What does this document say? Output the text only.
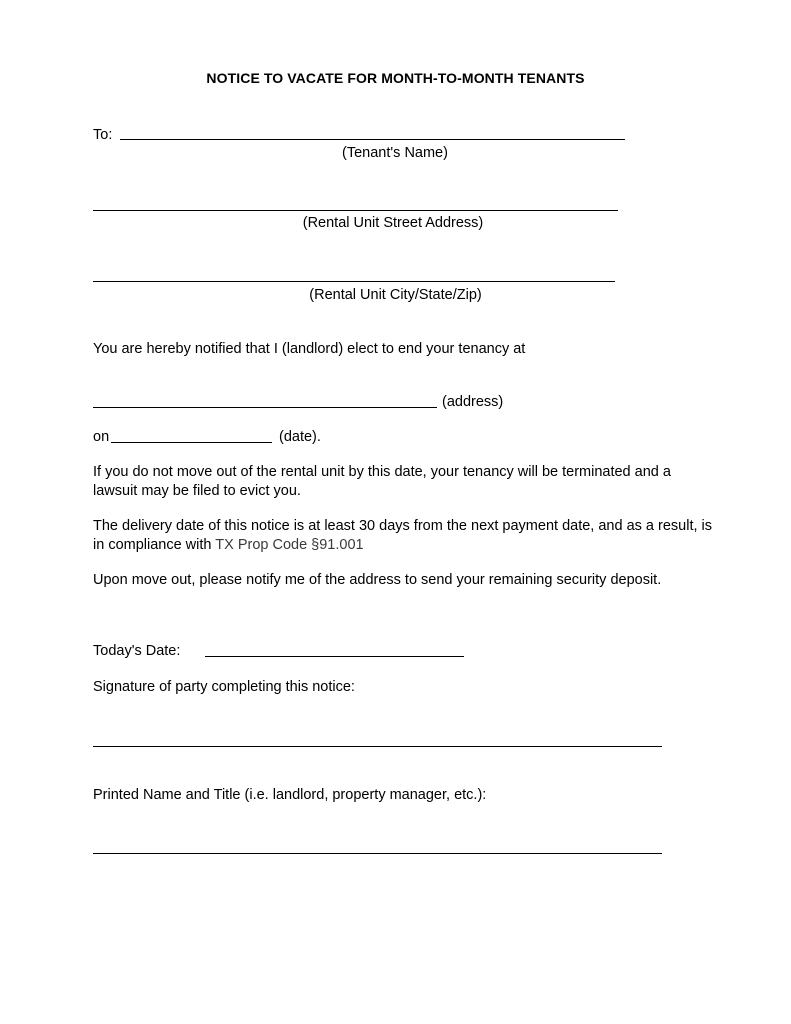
NOTICE TO VACATE FOR MONTH-TO-MONTH TENANTS
To:
(Tenant's Name)
(Rental Unit Street Address)
(Rental Unit City/State/Zip)
You are hereby notified that I (landlord) elect to end your tenancy at
(address)
on	(date).
If you do not move out of the rental unit by this date, your tenancy will be terminated and a lawsuit may be filed to evict you.
The delivery date of this notice is at least 30 days from the next payment date, and as a result, is in compliance with TX Prop Code §91.001
Upon move out, please notify me of the address to send your remaining security deposit.
Today's Date:
Signature of party completing this notice:
Printed Name and Title (i.e. landlord, property manager, etc.):
